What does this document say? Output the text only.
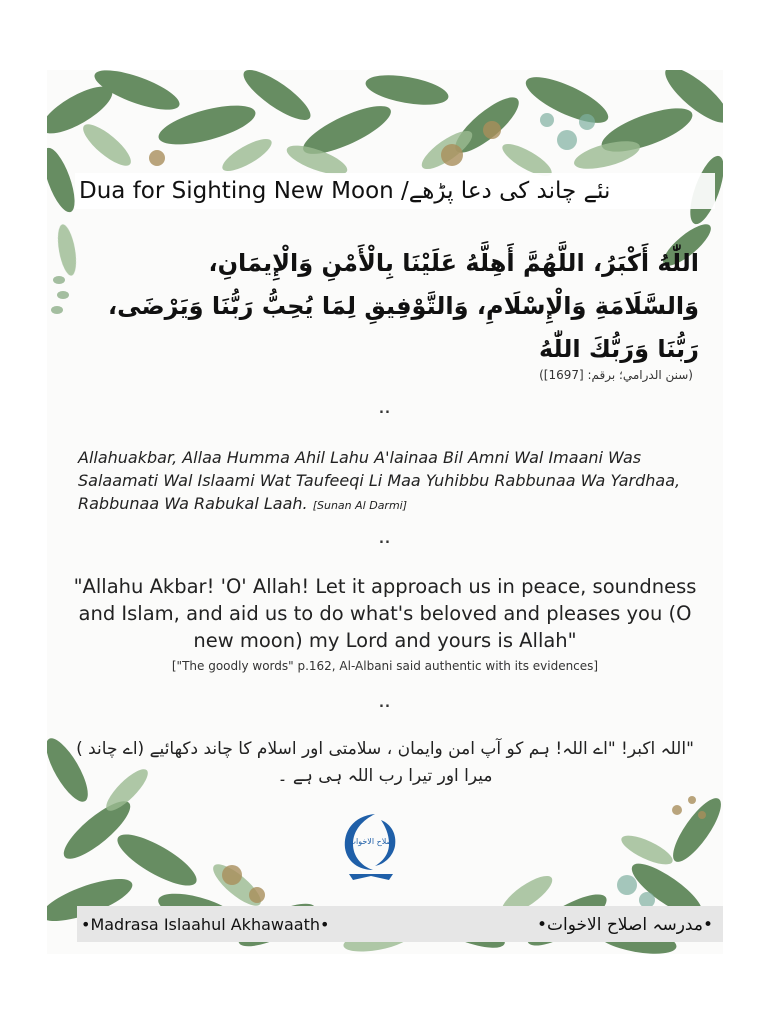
Dua for Sighting New Moon / نئے چاند کی دعا پڑھے
اللّٰهُ أَكْبَرُ، اللَّهُمَّ أَهِلَّهُ عَلَيْنَا بِالْأَمْنِ وَالْإِيمَانِ، وَالسَّلَامَةِ وَالْإِسْلَامِ، وَالتَّوْفِيقِ لِمَا يُحِبُّ رَبُّنَا وَيَرْضَى، رَبُّنَا وَرَبُّكَ اللّٰهُ
(سنن الدرامي؛ برقم: [1697])
..
Allahuakbar, Allaa Humma Ahil Lahu A'lainaa Bil Amni Wal Imaani Was Salaamati Wal Islaami Wat Taufeeqi Li Maa Yuhibbu Rabbunaa Wa Yardhaa, Rabbunaa Wa Rabukal Laah. [Sunan Al Darmi]
..
"Allahu Akbar! 'O' Allah! Let it approach us in peace, soundness and Islam, and aid us to do what's beloved and pleases you (O new moon) my Lord and yours is Allah"
["The goodly words" p.162, Al-Albani said authentic with its evidences]
..
"اللہ اکبر! "اے اللہ! ہم کو آپ امن وایمان ، سلامتی اور اسلام کا چاند دکھائیے (اے چاند ) میرا اور تیرا رب اللہ ہی ہے ۔
اصلاح الاخوات
•Madrasa Islaahul Akhawaath•	•مدرسہ اصلاح الاخوات•
